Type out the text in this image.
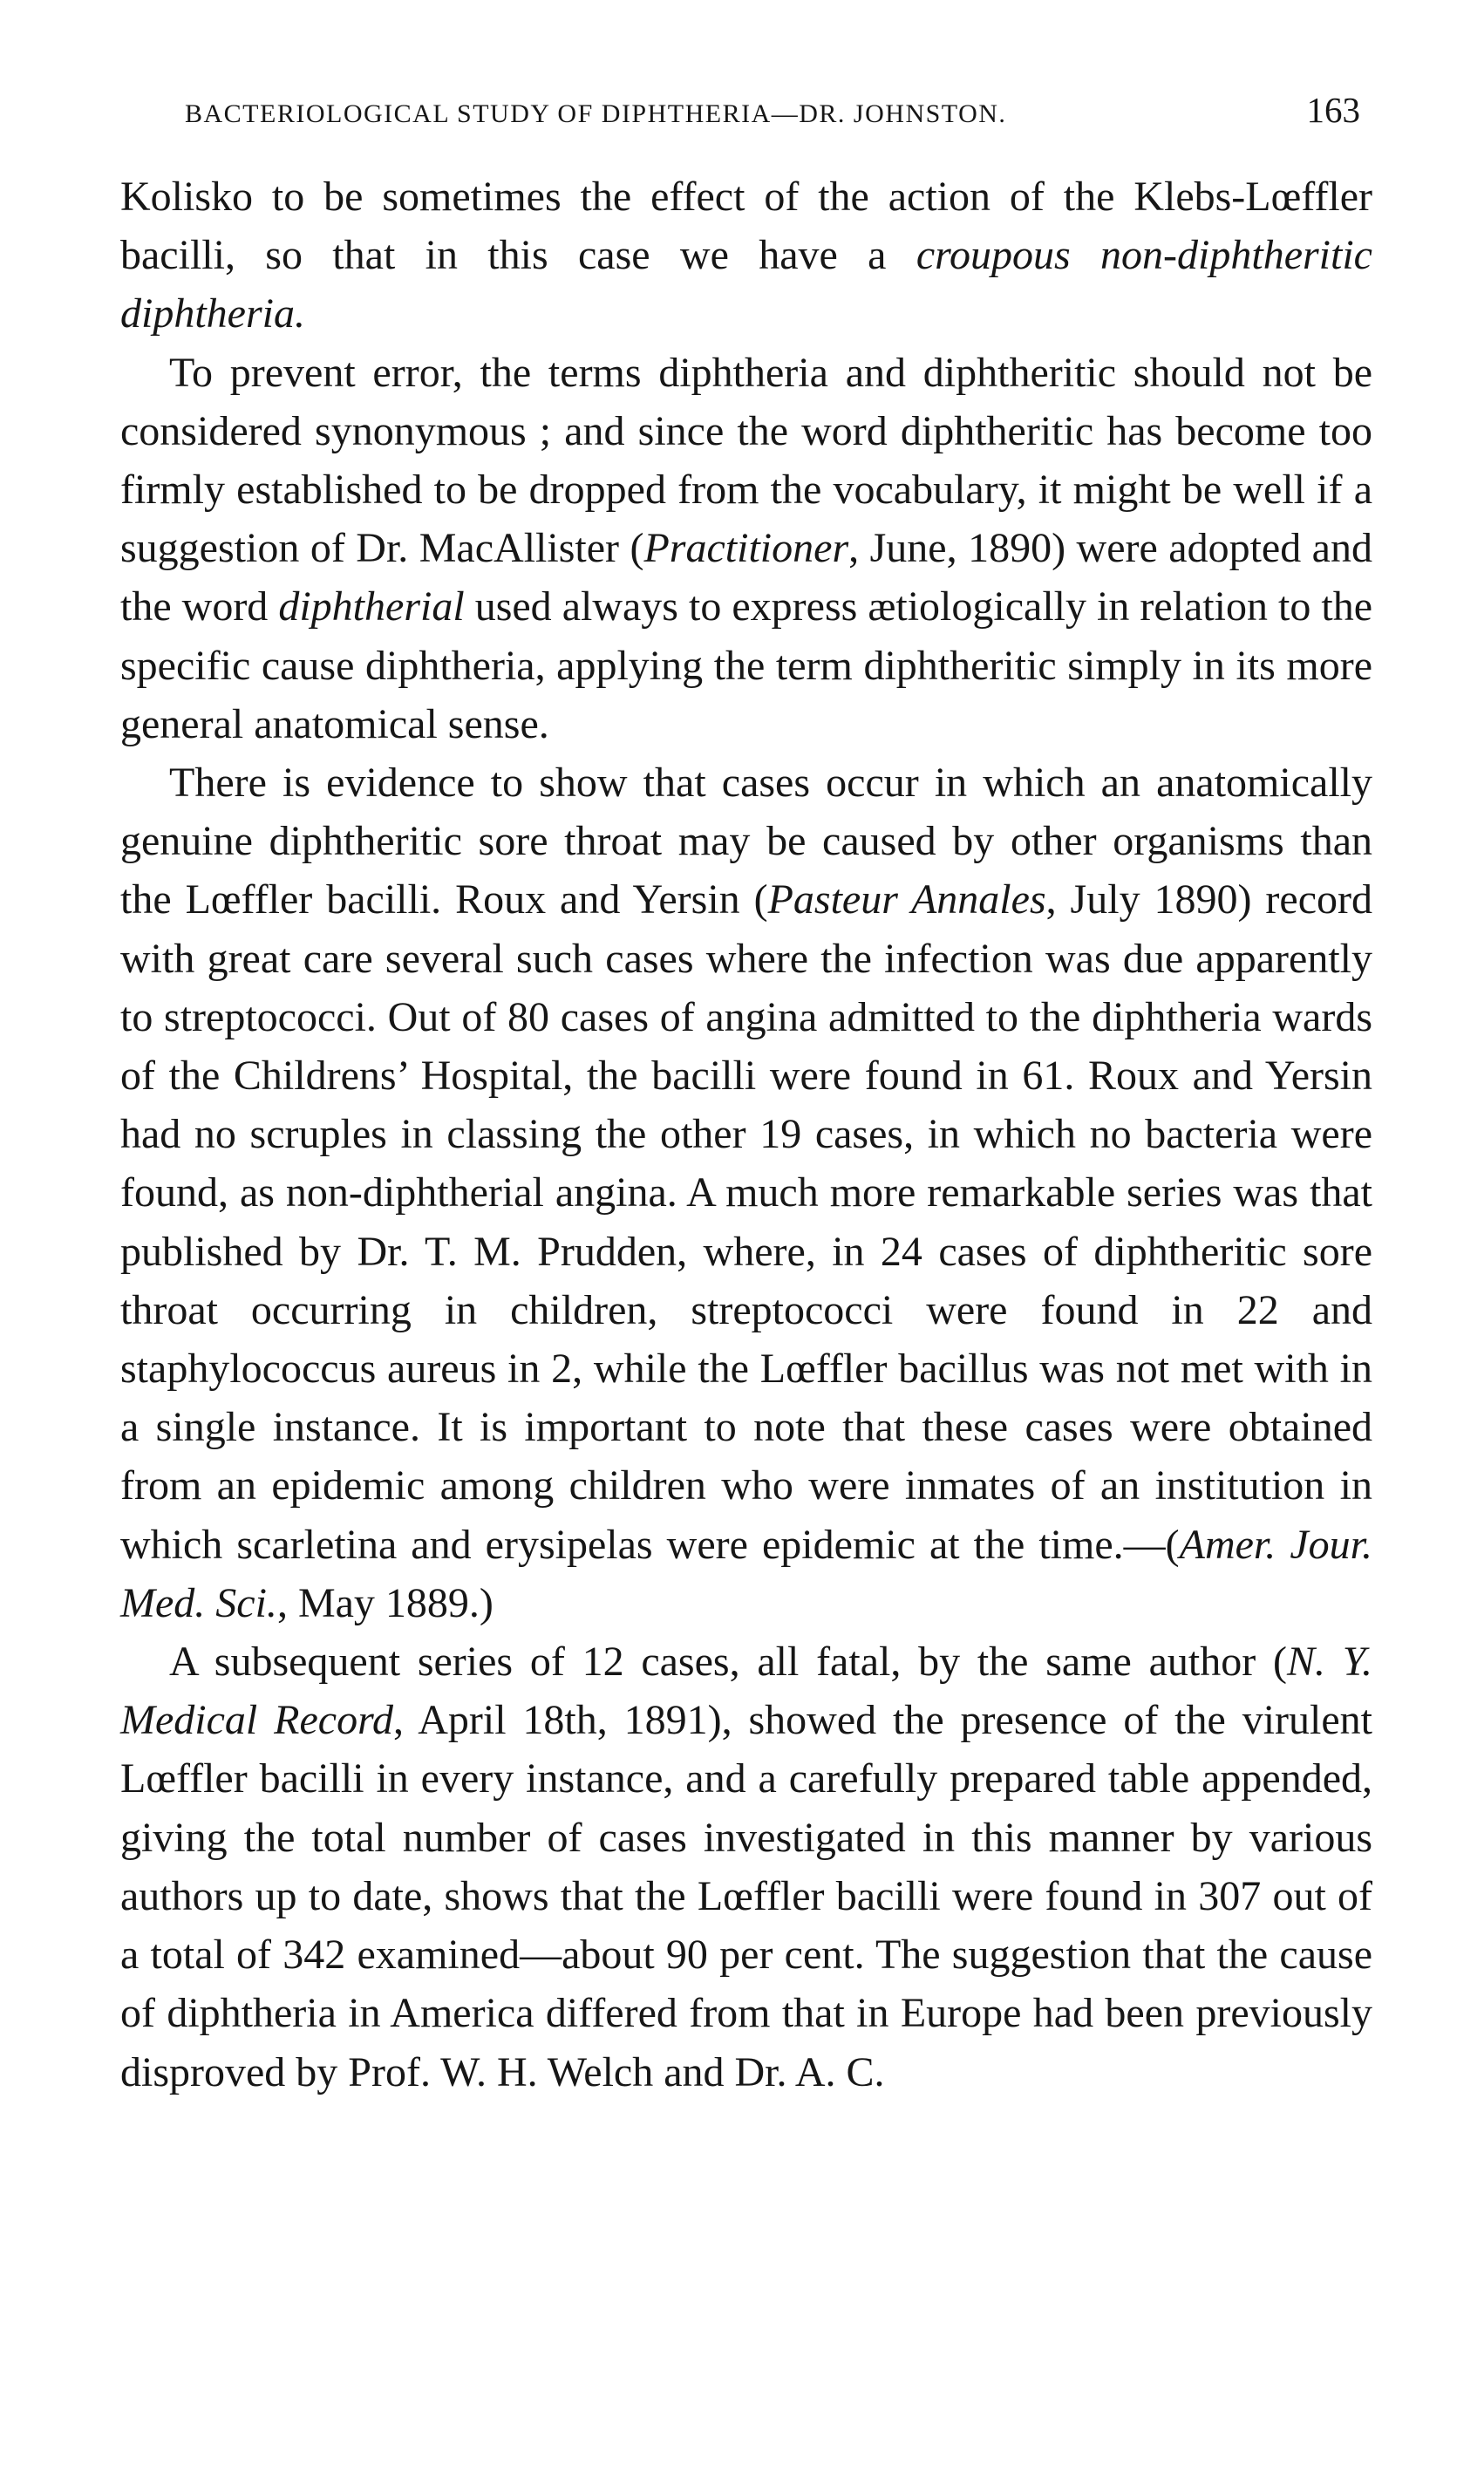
BACTERIOLOGICAL STUDY OF DIPHTHERIA—DR. JOHNSTON.	163

Kolisko to be sometimes the effect of the action of the Klebs-Lœffler bacilli, so that in this case we have a croupous non-diphtheritic diphtheria.

To prevent error, the terms diphtheria and diphtheritic should not be considered synonymous ; and since the word diphtheritic has become too firmly established to be dropped from the vocabulary, it might be well if a suggestion of Dr. MacAllister (Practitioner, June, 1890) were adopted and the word diphtherial used always to express ætiologically in relation to the specific cause diphtheria, applying the term diphtheritic simply in its more general anatomical sense.

There is evidence to show that cases occur in which an anatomically genuine diphtheritic sore throat may be caused by other organisms than the Lœffler bacilli. Roux and Yersin (Pasteur Annales, July 1890) record with great care several such cases where the infection was due apparently to streptococci. Out of 80 cases of angina admitted to the diphtheria wards of the Childrens’ Hospital, the bacilli were found in 61. Roux and Yersin had no scruples in classing the other 19 cases, in which no bacteria were found, as non-diphtherial angina. A much more remarkable series was that published by Dr. T. M. Prudden, where, in 24 cases of diphtheritic sore throat occurring in children, streptococci were found in 22 and staphylococcus aureus in 2, while the Lœffler bacillus was not met with in a single instance. It is important to note that these cases were obtained from an epidemic among children who were inmates of an institution in which scarletina and erysipelas were epidemic at the time.—(Amer. Jour. Med. Sci., May 1889.)

A subsequent series of 12 cases, all fatal, by the same author (N. Y. Medical Record, April 18th, 1891), showed the presence of the virulent Lœffler bacilli in every instance, and a carefully prepared table appended, giving the total number of cases investigated in this manner by various authors up to date, shows that the Lœffler bacilli were found in 307 out of a total of 342 examined—about 90 per cent. The suggestion that the cause of diphtheria in America differed from that in Europe had been previously disproved by Prof. W. H. Welch and Dr. A. C.
